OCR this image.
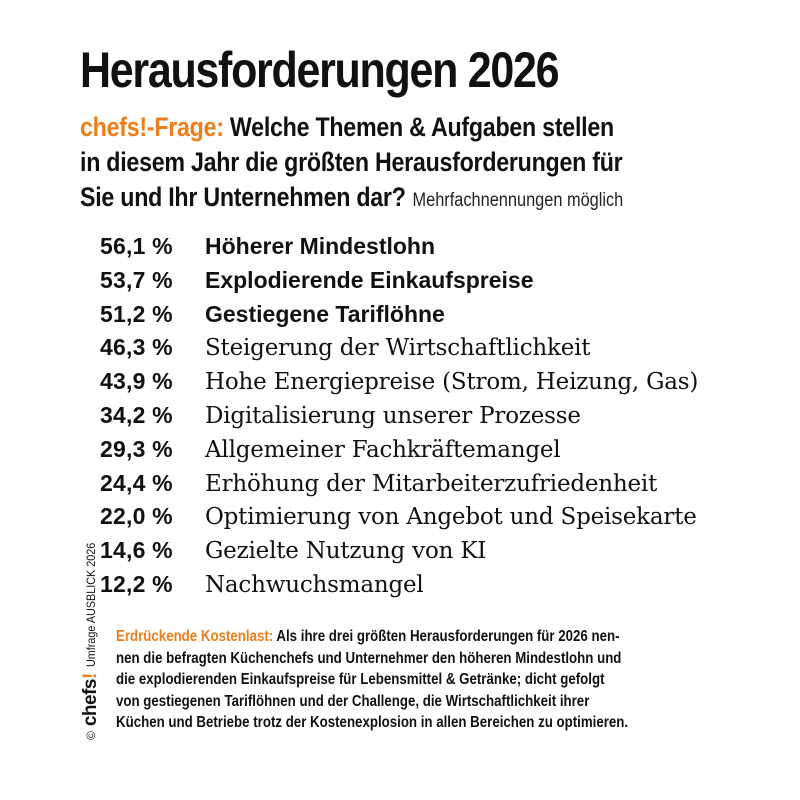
Herausforderungen 2026
chefs!-Frage: Welche Themen & Aufgaben stellen
in diesem Jahr die größten Herausforderungen für
Sie und Ihr Unternehmen dar? Mehrfachnennungen möglich
56,1 %	Höherer Mindestlohn
53,7 %	Explodierende Einkaufspreise
51,2 %	Gestiegene Tariflöhne
46,3 %	Steigerung der Wirtschaftlichkeit
43,9 %	Hohe Energiepreise (Strom, Heizung, Gas)
34,2 %	Digitalisierung unserer Prozesse
29,3 %	Allgemeiner Fachkräftemangel
24,4 %	Erhöhung der Mitarbeiterzufriedenheit
22,0 %	Optimierung von Angebot und Speisekarte
14,6 %	Gezielte Nutzung von KI
12,2 %	Nachwuchsmangel
Erdrückende Kostenlast: Als ihre drei größten Herausforderungen für 2026 nen-
nen die befragten Küchenchefs und Unternehmer den höheren Mindestlohn und
die explodierenden Einkaufspreise für Lebensmittel & Getränke; dicht gefolgt
von gestiegenen Tariflöhnen und der Challenge, die Wirtschaftlichkeit ihrer
Küchen und Betriebe trotz der Kostenexplosion in allen Bereichen zu optimieren.
©
chefs!
Umfrage AUSBLICK 2026
